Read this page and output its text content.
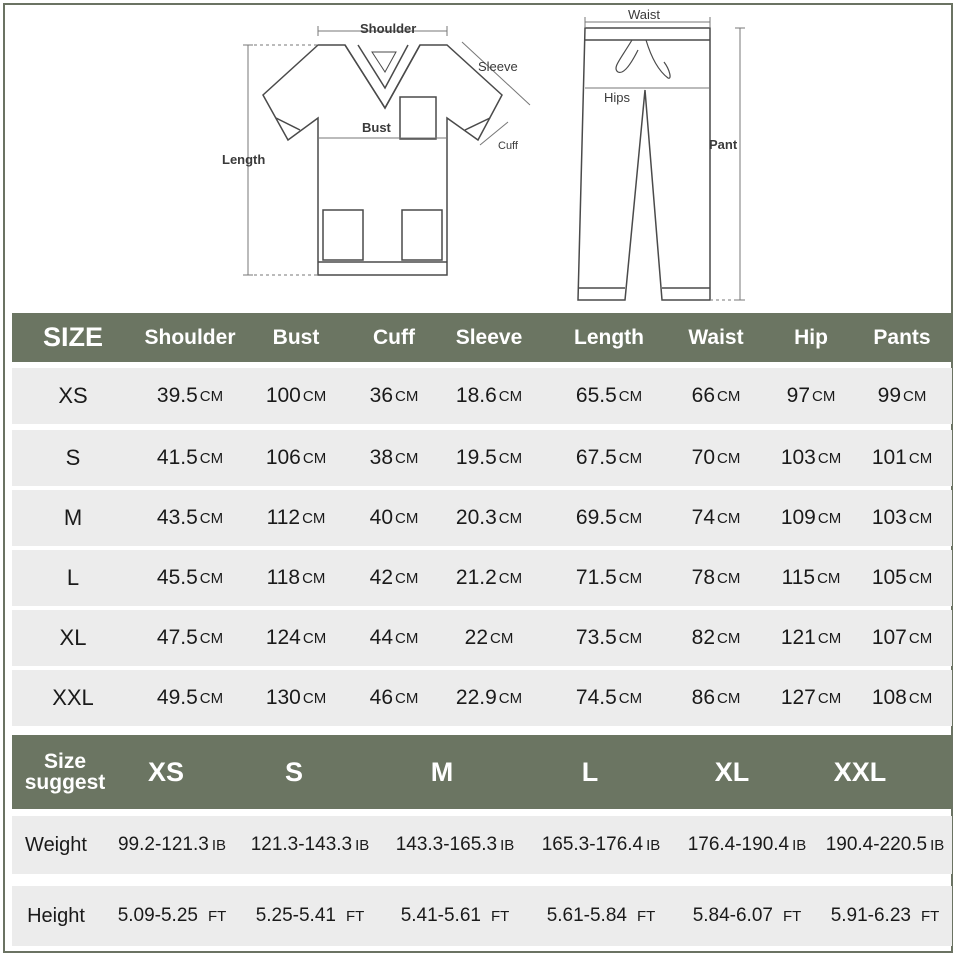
Shoulder
Sleeve
Bust
Cuff
Length
Waist
Hips
Pant
SIZE	Shoulder	Bust	Cuff	Sleeve	Length	Waist	Hip	Pants
XS	39.5 CM 100 CM 36 CM 18.6 CM	65.5 CM 66 CM 97 CM 99 CM
S	41.5 CM 106 CM 38 CM 19.5 CM	67.5 CM 70 CM 103 CM 101 CM
M	43.5 CM 112 CM 40 CM 20.3 CM	69.5 CM 74 CM 109 CM 103 CM
L	45.5 CM 118 CM 42 CM 21.2 CM	71.5 CM 78 CM 115 CM 105 CM
XL	47.5 CM 124 CM 44 CM 22 CM	73.5 CM 82 CM 121 CM 107 CM
XXL	49.5 CM 130 CM 46 CM 22.9 CM	74.5 CM 86 CM 127 CM 108 CM
Size
suggest	XS	S	M	L	XL	XXL
Weight	99.2-121.3 IB 121.3-143.3 IB 143.3-165.3 IB 165.3-176.4 IB 176.4-190.4 IB 190.4-220.5 IB
Height	5.09-5.25 FT 5.25-5.41 FT 5.41-5.61 FT 5.61-5.84 FT 5.84-6.07 FT 5.91-6.23 FT
